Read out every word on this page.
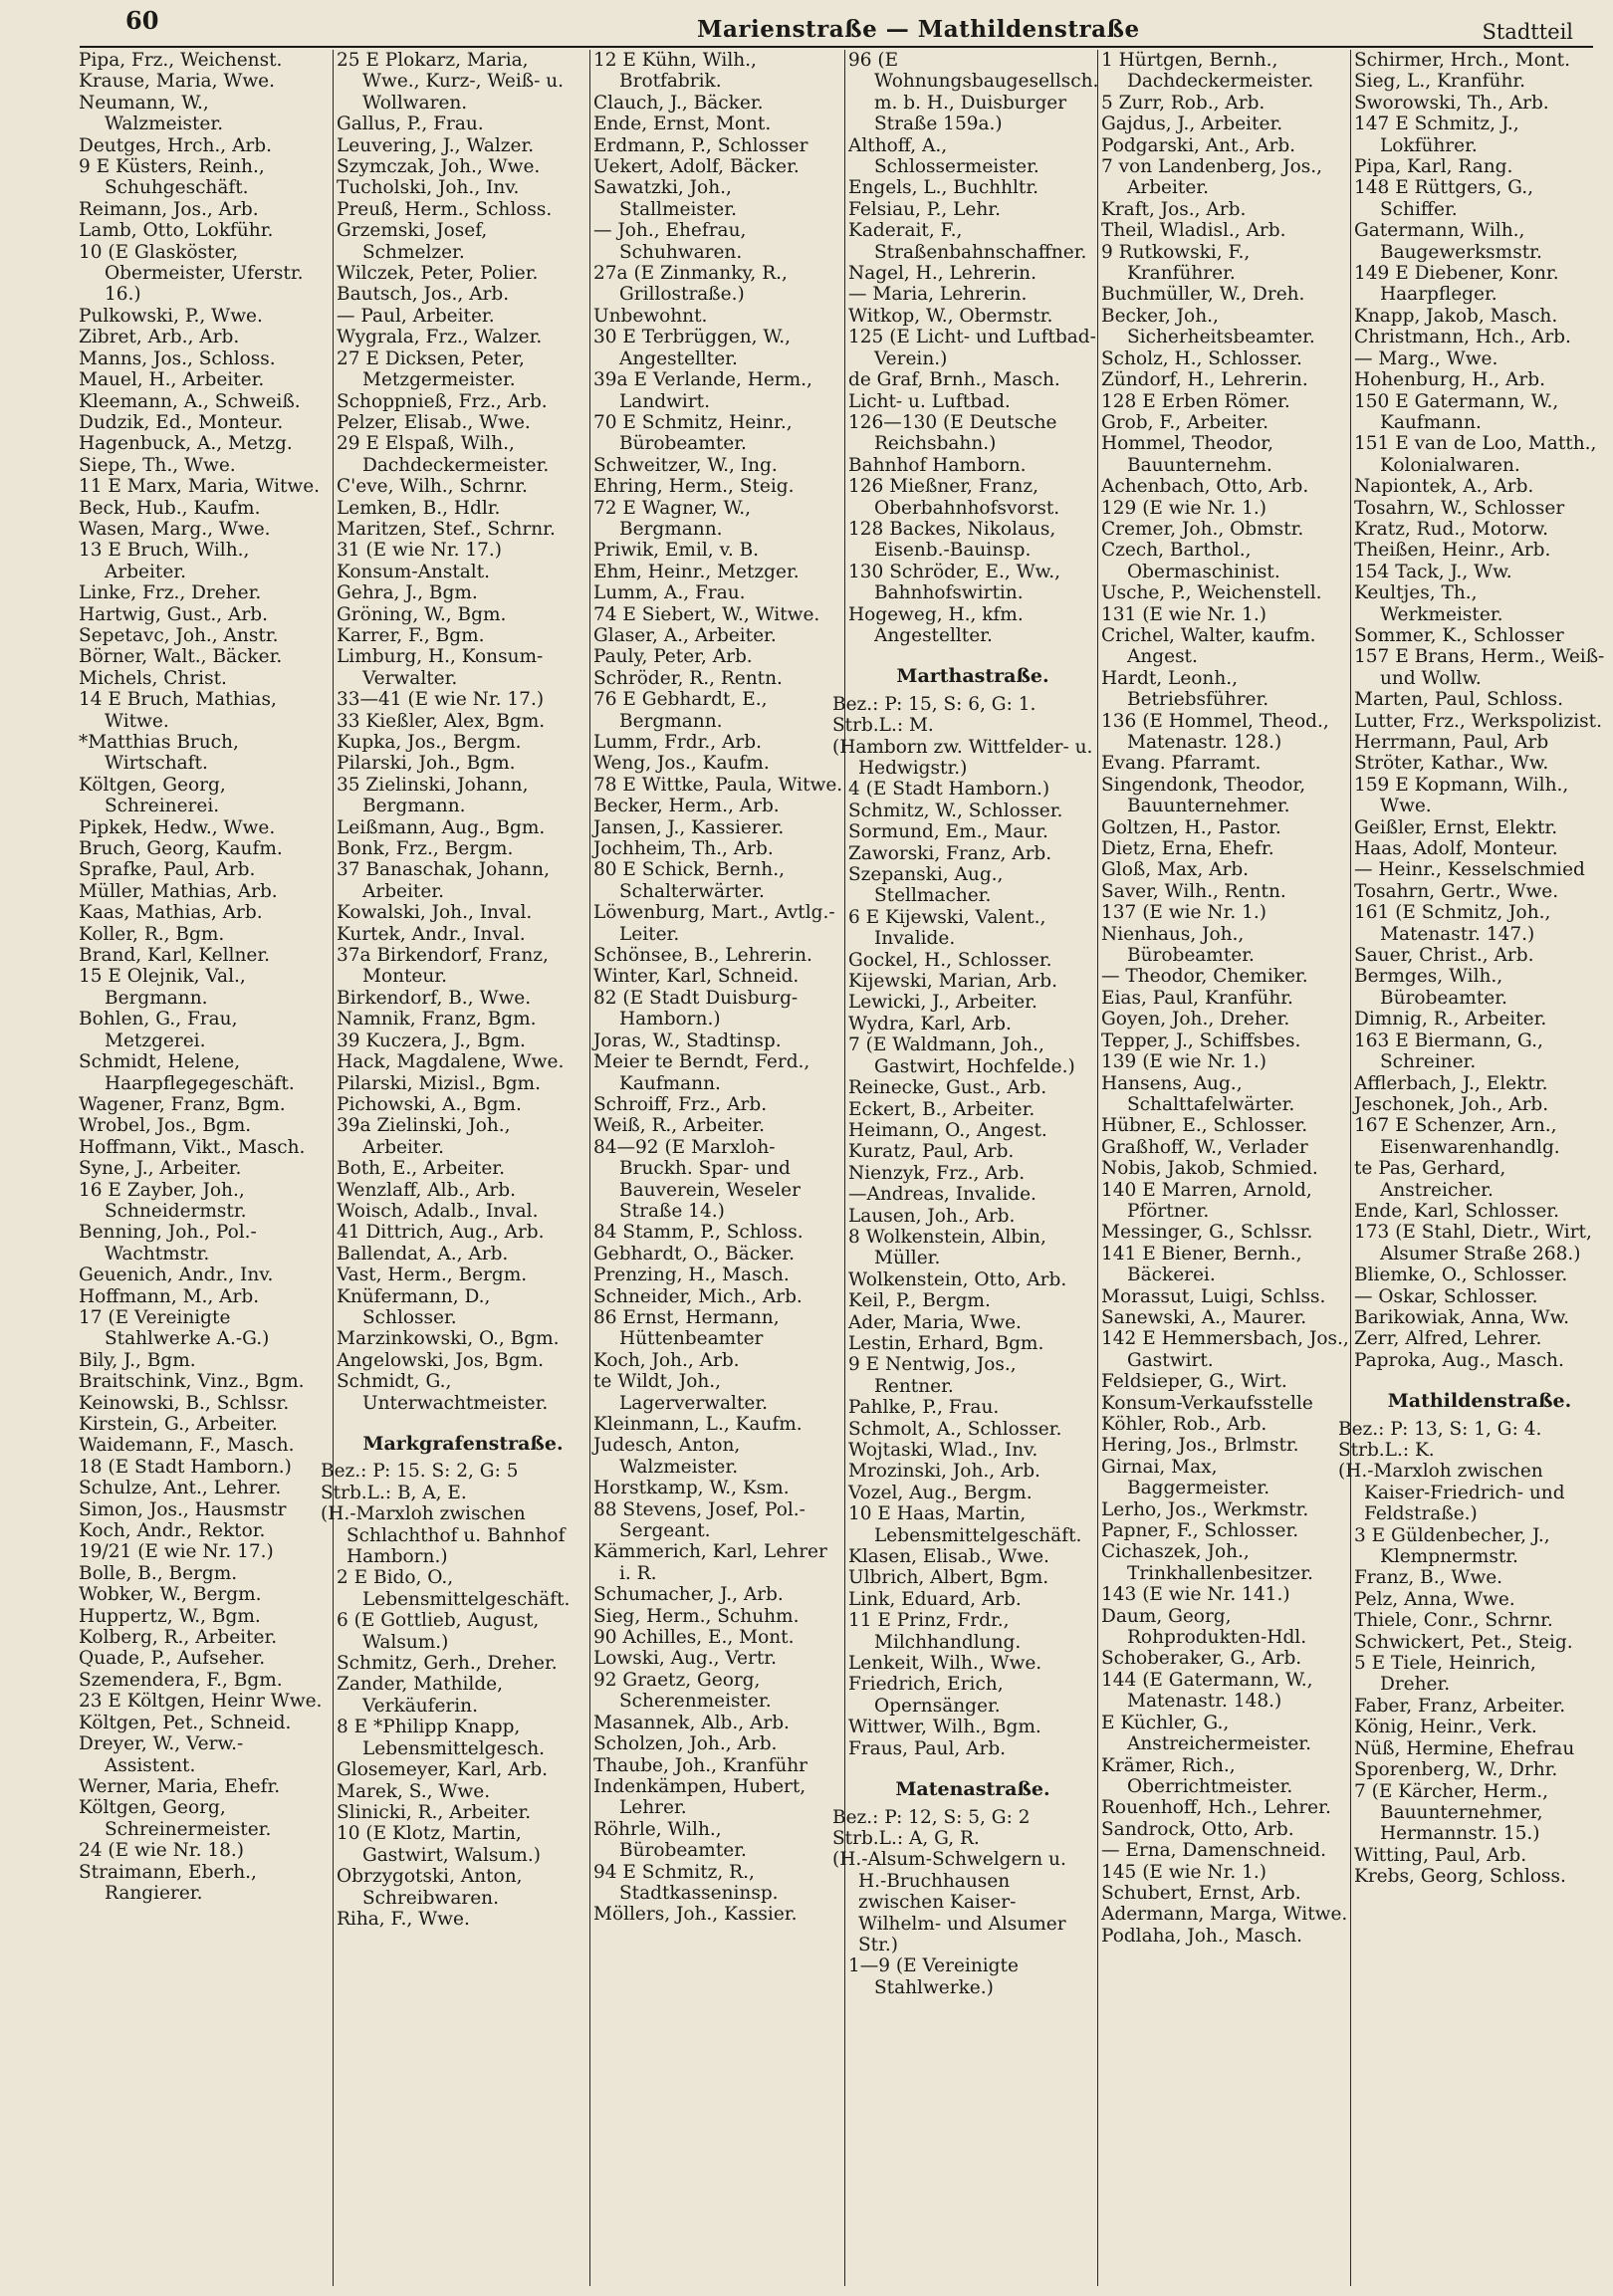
60	Marienstraße — Mathildenstraße	Stadtteil

Pipa, Frz., Weichenst.

Krause, Maria, Wwe.

Neumann, W., Walzmeister.

Deutges, Hrch., Arb.

9 E Küsters, Reinh., Schuhgeschäft.

Reimann, Jos., Arb.

Lamb, Otto, Lokführ.

10 (E Glasköster, Obermeister, Uferstr. 16.)

Pulkowski, P., Wwe.

Zibret, Arb., Arb.

Manns, Jos., Schloss.

Mauel, H., Arbeiter.

Kleemann, A., Schweiß.

Dudzik, Ed., Monteur.

Hagenbuck, A., Metzg.

Siepe, Th., Wwe.

11 E Marx, Maria, Witwe.

Beck, Hub., Kaufm.

Wasen, Marg., Wwe.

13 E Bruch, Wilh., Arbeiter.

Linke, Frz., Dreher.

Hartwig, Gust., Arb.

Sepetavc, Joh., Anstr.

Börner, Walt., Bäcker.

Michels, Christ.

14 E Bruch, Mathias, Witwe.

*Matthias Bruch, Wirtschaft.

Költgen, Georg, Schreinerei.

Pipkek, Hedw., Wwe.

Bruch, Georg, Kaufm.

Sprafke, Paul, Arb.

Müller, Mathias, Arb.

Kaas, Mathias, Arb.

Koller, R., Bgm.

Brand, Karl, Kellner.

15 E Olejnik, Val., Bergmann.

Bohlen, G., Frau, Metzgerei.

Schmidt, Helene, Haarpflegegeschäft.

Wagener, Franz, Bgm.

Wrobel, Jos., Bgm.

Hoffmann, Vikt., Masch.

Syne, J., Arbeiter.

16 E Zayber, Joh., Schneidermstr.

Benning, Joh., Pol.-Wachtmstr.

Geuenich, Andr., Inv.

Hoffmann, M., Arb.

17 (E Vereinigte Stahlwerke A.-G.)

Bily, J., Bgm.

Braitschink, Vinz., Bgm.

Keinowski, B., Schlssr.

Kirstein, G., Arbeiter.

Waidemann, F., Masch.

18 (E Stadt Hamborn.)

Schulze, Ant., Lehrer.

Simon, Jos., Hausmstr

Koch, Andr., Rektor.

19/21 (E wie Nr. 17.)

Bolle, B., Bergm.

Wobker, W., Bergm.

Huppertz, W., Bgm.

Kolberg, R., Arbeiter.

Quade, P., Aufseher.

Szemendera, F., Bgm.

23 E Költgen, Heinr Wwe.

Költgen, Pet., Schneid.

Dreyer, W., Verw.-Assistent.

Werner, Maria, Ehefr.

Költgen, Georg, Schreinermeister.

24 (E wie Nr. 18.)

Straimann, Eberh., Rangierer.

25 E Plokarz, Maria, Wwe., Kurz-, Weiß- u. Wollwaren.

Gallus, P., Frau.

Leuvering, J., Walzer.

Szymczak, Joh., Wwe.

Tucholski, Joh., Inv.

Preuß, Herm., Schloss.

Grzemski, Josef, Schmelzer.

Wilczek, Peter, Polier.

Bautsch, Jos., Arb.

— Paul, Arbeiter.

Wygrala, Frz., Walzer.

27 E Dicksen, Peter, Metzgermeister.

Schoppnieß, Frz., Arb.

Pelzer, Elisab., Wwe.

29 E Elspaß, Wilh., Dachdeckermeister.

C'eve, Wilh., Schrnr.

Lemken, B., Hdlr.

Maritzen, Stef., Schrnr.

31 (E wie Nr. 17.)

Konsum-Anstalt.

Gehra, J., Bgm.

Gröning, W., Bgm.

Karrer, F., Bgm.

Limburg, H., Konsum-Verwalter.

33—41 (E wie Nr. 17.)

33 Kießler, Alex, Bgm.

Kupka, Jos., Bergm.

Pilarski, Joh., Bgm.

35 Zielinski, Johann, Bergmann.

Leißmann, Aug., Bgm.

Bonk, Frz., Bergm.

37 Banaschak, Johann, Arbeiter.

Kowalski, Joh., Inval.

Kurtek, Andr., Inval.

37a Birkendorf, Franz, Monteur.

Birkendorf, B., Wwe.

Namnik, Franz, Bgm.

39 Kuczera, J., Bgm.

Hack, Magdalene, Wwe.

Pilarski, Mizisl., Bgm.

Pichowski, A., Bgm.

39a Zielinski, Joh., Arbeiter.

Both, E., Arbeiter.

Wenzlaff, Alb., Arb.

Woisch, Adalb., Inval.

41 Dittrich, Aug., Arb.

Ballendat, A., Arb.

Vast, Herm., Bergm.

Knüfermann, D., Schlosser.

Marzinkowski, O., Bgm.

Angelowski, Jos, Bgm.

Schmidt, G., Unterwachtmeister.

Markgrafenstraße.

Bez.: P: 15. S: 2, G: 5

Strb.L.: B, A, E.

(H.-Marxloh zwischen Schlachthof u. Bahnhof Hamborn.)

2 E Bido, O., Lebensmittelgeschäft.

6 (E Gottlieb, August, Walsum.)

Schmitz, Gerh., Dreher.

Zander, Mathilde, Verkäuferin.

8 E *Philipp Knapp, Lebensmittelgesch.

Glosemeyer, Karl, Arb.

Marek, S., Wwe.

Slinicki, R., Arbeiter.

10 (E Klotz, Martin, Gastwirt, Walsum.)

Obrzygotski, Anton, Schreibwaren.

Riha, F., Wwe.

12 E Kühn, Wilh., Brotfabrik.

Clauch, J., Bäcker.

Ende, Ernst, Mont.

Erdmann, P., Schlosser

Uekert, Adolf, Bäcker.

Sawatzki, Joh., Stallmeister.

— Joh., Ehefrau, Schuhwaren.

27a (E Zinmanky, R., Grillostraße.)

Unbewohnt.

30 E Terbrüggen, W., Angestellter.

39a E Verlande, Herm., Landwirt.

70 E Schmitz, Heinr., Bürobeamter.

Schweitzer, W., Ing.

Ehring, Herm., Steig.

72 E Wagner, W., Bergmann.

Priwik, Emil, v. B.

Ehm, Heinr., Metzger.

Lumm, A., Frau.

74 E Siebert, W., Witwe.

Glaser, A., Arbeiter.

Pauly, Peter, Arb.

Schröder, R., Rentn.

76 E Gebhardt, E., Bergmann.

Lumm, Frdr., Arb.

Weng, Jos., Kaufm.

78 E Wittke, Paula, Witwe.

Becker, Herm., Arb.

Jansen, J., Kassierer.

Jochheim, Th., Arb.

80 E Schick, Bernh., Schalterwärter.

Löwenburg, Mart., Avtlg.-Leiter.

Schönsee, B., Lehrerin.

Winter, Karl, Schneid.

82 (E Stadt Duisburg-Hamborn.)

Joras, W., Stadtinsp.

Meier te Berndt, Ferd., Kaufmann.

Schroiff, Frz., Arb.

Weiß, R., Arbeiter.

84—92 (E Marxloh-Bruckh. Spar- und Bauverein, Weseler Straße 14.)

84 Stamm, P., Schloss.

Gebhardt, O., Bäcker.

Prenzing, H., Masch.

Schneider, Mich., Arb.

86 Ernst, Hermann, Hüttenbeamter

Koch, Joh., Arb.

te Wildt, Joh., Lagerverwalter.

Kleinmann, L., Kaufm.

Judesch, Anton, Walzmeister.

Horstkamp, W., Ksm.

88 Stevens, Josef, Pol.-Sergeant.

Kämmerich, Karl, Lehrer i. R.

Schumacher, J., Arb.

Sieg, Herm., Schuhm.

90 Achilles, E., Mont.

Lowski, Aug., Vertr.

92 Graetz, Georg, Scherenmeister.

Masannek, Alb., Arb.

Scholzen, Joh., Arb.

Thaube, Joh., Kranführ

Indenkämpen, Hubert, Lehrer.

Röhrle, Wilh., Bürobeamter.

94 E Schmitz, R., Stadtkasseninsp.

Möllers, Joh., Kassier.

96 (E Wohnungsbaugesellsch. m. b. H., Duisburger Straße 159a.)

Althoff, A., Schlossermeister.

Engels, L., Buchhltr.

Felsiau, P., Lehr.

Kaderait, F., Straßenbahnschaffner.

Nagel, H., Lehrerin.

— Maria, Lehrerin.

Witkop, W., Obermstr.

125 (E Licht- und Luftbad-Verein.)

de Graf, Brnh., Masch.

Licht- u. Luftbad.

126—130 (E Deutsche Reichsbahn.)

Bahnhof Hamborn.

126 Mießner, Franz, Oberbahnhofsvorst.

128 Backes, Nikolaus, Eisenb.-Bauinsp.

130 Schröder, E., Ww., Bahnhofswirtin.

Hogeweg, H., kfm. Angestellter.

Marthastraße.

Bez.: P: 15, S: 6, G: 1.

Strb.L.: M.

(Hamborn zw. Wittfelder- u. Hedwigstr.)

4 (E Stadt Hamborn.)

Schmitz, W., Schlosser.

Sormund, Em., Maur.

Zaworski, Franz, Arb.

Szepanski, Aug., Stellmacher.

6 E Kijewski, Valent., Invalide.

Gockel, H., Schlosser.

Kijewski, Marian, Arb.

Lewicki, J., Arbeiter.

Wydra, Karl, Arb.

7 (E Waldmann, Joh., Gastwirt, Hochfelde.)

Reinecke, Gust., Arb.

Eckert, B., Arbeiter.

Heimann, O., Angest.

Kuratz, Paul, Arb.

Nienzyk, Frz., Arb.

—Andreas, Invalide.

Lausen, Joh., Arb.

8 Wolkenstein, Albin, Müller.

Wolkenstein, Otto, Arb.

Keil, P., Bergm.

Ader, Maria, Wwe.

Lestin, Erhard, Bgm.

9 E Nentwig, Jos., Rentner.

Pahlke, P., Frau.

Schmolt, A., Schlosser.

Wojtaski, Wlad., Inv.

Mrozinski, Joh., Arb.

Vozel, Aug., Bergm.

10 E Haas, Martin, Lebensmittelgeschäft.

Klasen, Elisab., Wwe.

Ulbrich, Albert, Bgm.

Link, Eduard, Arb.

11 E Prinz, Frdr., Milchhandlung.

Lenkeit, Wilh., Wwe.

Friedrich, Erich, Opernsänger.

Wittwer, Wilh., Bgm.

Fraus, Paul, Arb.

Matenastraße.

Bez.: P: 12, S: 5, G: 2

Strb.L.: A, G, R.

(H.-Alsum-Schwelgern u. H.-Bruchhausen zwischen Kaiser-Wilhelm- und Alsumer Str.)

1—9 (E Vereinigte Stahlwerke.)

1 Hürtgen, Bernh., Dachdeckermeister.

5 Zurr, Rob., Arb.

Gajdus, J., Arbeiter.

Podgarski, Ant., Arb.

7 von Landenberg, Jos., Arbeiter.

Kraft, Jos., Arb.

Theil, Wladisl., Arb.

9 Rutkowski, F., Kranführer.

Buchmüller, W., Dreh.

Becker, Joh., Sicherheitsbeamter.

Scholz, H., Schlosser.

Zündorf, H., Lehrerin.

128 E Erben Römer.

Grob, F., Arbeiter.

Hommel, Theodor, Bauunternehm.

Achenbach, Otto, Arb.

129 (E wie Nr. 1.)

Cremer, Joh., Obmstr.

Czech, Barthol., Obermaschinist.

Usche, P., Weichenstell.

131 (E wie Nr. 1.)

Crichel, Walter, kaufm. Angest.

Hardt, Leonh., Betriebsführer.

136 (E Hommel, Theod., Matenastr. 128.)

Evang. Pfarramt.

Singendonk, Theodor, Bauunternehmer.

Goltzen, H., Pastor.

Dietz, Erna, Ehefr.

Gloß, Max, Arb.

Saver, Wilh., Rentn.

137 (E wie Nr. 1.)

Nienhaus, Joh., Bürobeamter.

— Theodor, Chemiker.

Eias, Paul, Kranführ.

Goyen, Joh., Dreher.

Tepper, J., Schiffsbes.

139 (E wie Nr. 1.)

Hansens, Aug., Schalttafelwärter.

Hübner, E., Schlosser.

Graßhoff, W., Verlader

Nobis, Jakob, Schmied.

140 E Marren, Arnold, Pförtner.

Messinger, G., Schlssr.

141 E Biener, Bernh., Bäckerei.

Morassut, Luigi, Schlss.

Sanewski, A., Maurer.

142 E Hemmersbach, Jos., Gastwirt.

Feldsieper, G., Wirt.

Konsum-Verkaufsstelle

Köhler, Rob., Arb.

Hering, Jos., Brlmstr.

Girnai, Max, Baggermeister.

Lerho, Jos., Werkmstr.

Papner, F., Schlosser.

Cichaszek, Joh., Trinkhallenbesitzer.

143 (E wie Nr. 141.)

Daum, Georg, Rohprodukten-Hdl.

Schoberaker, G., Arb.

144 (E Gatermann, W., Matenastr. 148.)

E Küchler, G., Anstreichermeister.

Krämer, Rich., Oberrichtmeister.

Rouenhoff, Hch., Lehrer.

Sandrock, Otto, Arb.

— Erna, Damenschneid.

145 (E wie Nr. 1.)

Schubert, Ernst, Arb.

Adermann, Marga, Witwe.

Podlaha, Joh., Masch.

Schirmer, Hrch., Mont.

Sieg, L., Kranführ.

Sworowski, Th., Arb.

147 E Schmitz, J., Lokführer.

Pipa, Karl, Rang.

148 E Rüttgers, G., Schiffer.

Gatermann, Wilh., Baugewerksmstr.

149 E Diebener, Konr. Haarpfleger.

Knapp, Jakob, Masch.

Christmann, Hch., Arb.

— Marg., Wwe.

Hohenburg, H., Arb.

150 E Gatermann, W., Kaufmann.

151 E van de Loo, Matth., Kolonialwaren.

Napiontek, A., Arb.

Tosahrn, W., Schlosser

Kratz, Rud., Motorw.

Theißen, Heinr., Arb.

154 Tack, J., Ww.

Keultjes, Th., Werkmeister.

Sommer, K., Schlosser

157 E Brans, Herm., Weiß- und Wollw.

Marten, Paul, Schloss.

Lutter, Frz., Werkspolizist.

Herrmann, Paul, Arb

Ströter, Kathar., Ww.

159 E Kopmann, Wilh., Wwe.

Geißler, Ernst, Elektr.

Haas, Adolf, Monteur.

— Heinr., Kesselschmied

Tosahrn, Gertr., Wwe.

161 (E Schmitz, Joh., Matenastr. 147.)

Sauer, Christ., Arb.

Bermges, Wilh., Bürobeamter.

Dimnig, R., Arbeiter.

163 E Biermann, G., Schreiner.

Afflerbach, J., Elektr.

Jeschonek, Joh., Arb.

167 E Schenzer, Arn., Eisenwarenhandlg.

te Pas, Gerhard, Anstreicher.

Ende, Karl, Schlosser.

173 (E Stahl, Dietr., Wirt, Alsumer Straße 268.)

Bliemke, O., Schlosser.

— Oskar, Schlosser.

Barikowiak, Anna, Ww.

Zerr, Alfred, Lehrer.

Paproka, Aug., Masch.

Mathildenstraße.

Bez.: P: 13, S: 1, G: 4.

Strb.L.: K.

(H.-Marxloh zwischen Kaiser-Friedrich- und Feldstraße.)

3 E Güldenbecher, J., Klempnermstr.

Franz, B., Wwe.

Pelz, Anna, Wwe.

Thiele, Conr., Schrnr.

Schwickert, Pet., Steig.

5 E Tiele, Heinrich, Dreher.

Faber, Franz, Arbeiter.

König, Heinr., Verk.

Nüß, Hermine, Ehefrau

Sporenberg, W., Drhr.

7 (E Kärcher, Herm., Bauunternehmer, Hermannstr. 15.)

Witting, Paul, Arb.

Krebs, Georg, Schloss.
